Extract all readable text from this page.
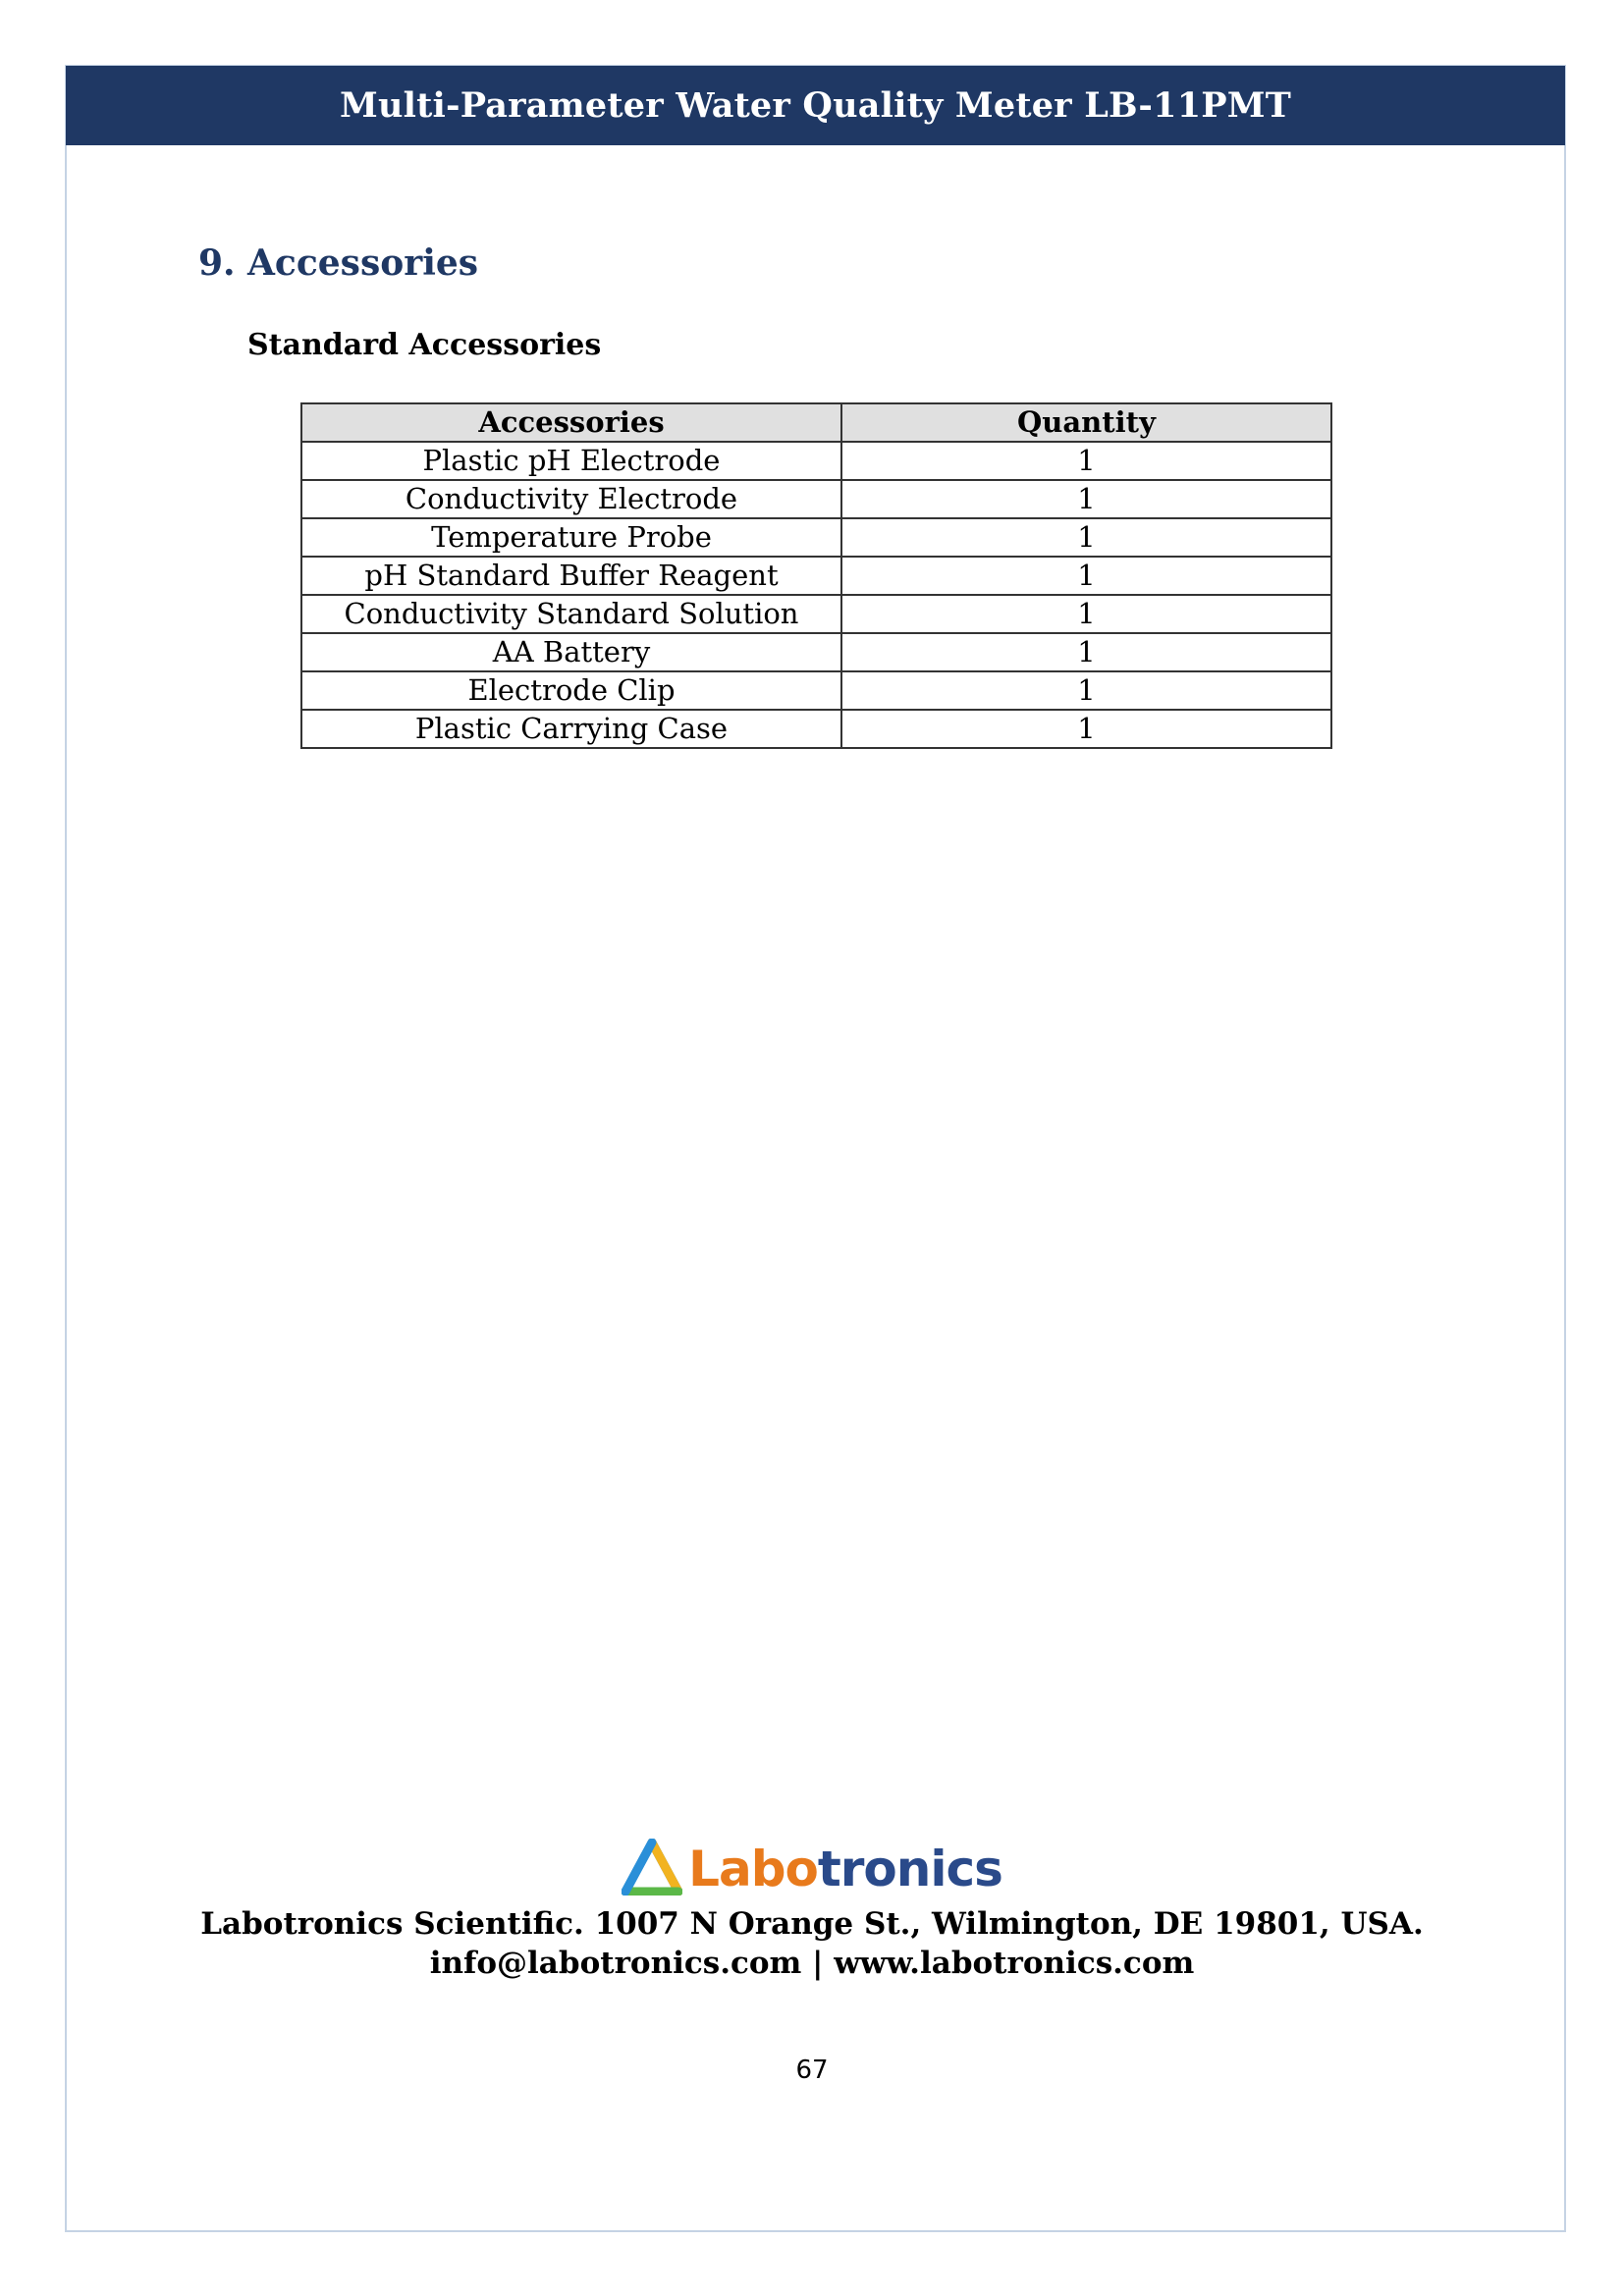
Multi-Parameter Water Quality Meter LB-11PMT
9. Accessories
Standard Accessories
Accessories	Quantity
Plastic pH Electrode	1
Conductivity Electrode	1
Temperature Probe	1
pH Standard Buffer Reagent	1
Conductivity Standard Solution	1
AA Battery	1
Electrode Clip	1
Plastic Carrying Case	1
Labotronics
Labotronics Scientific. 1007 N Orange St., Wilmington, DE 19801, USA.
info@labotronics.com | www.labotronics.com
67
